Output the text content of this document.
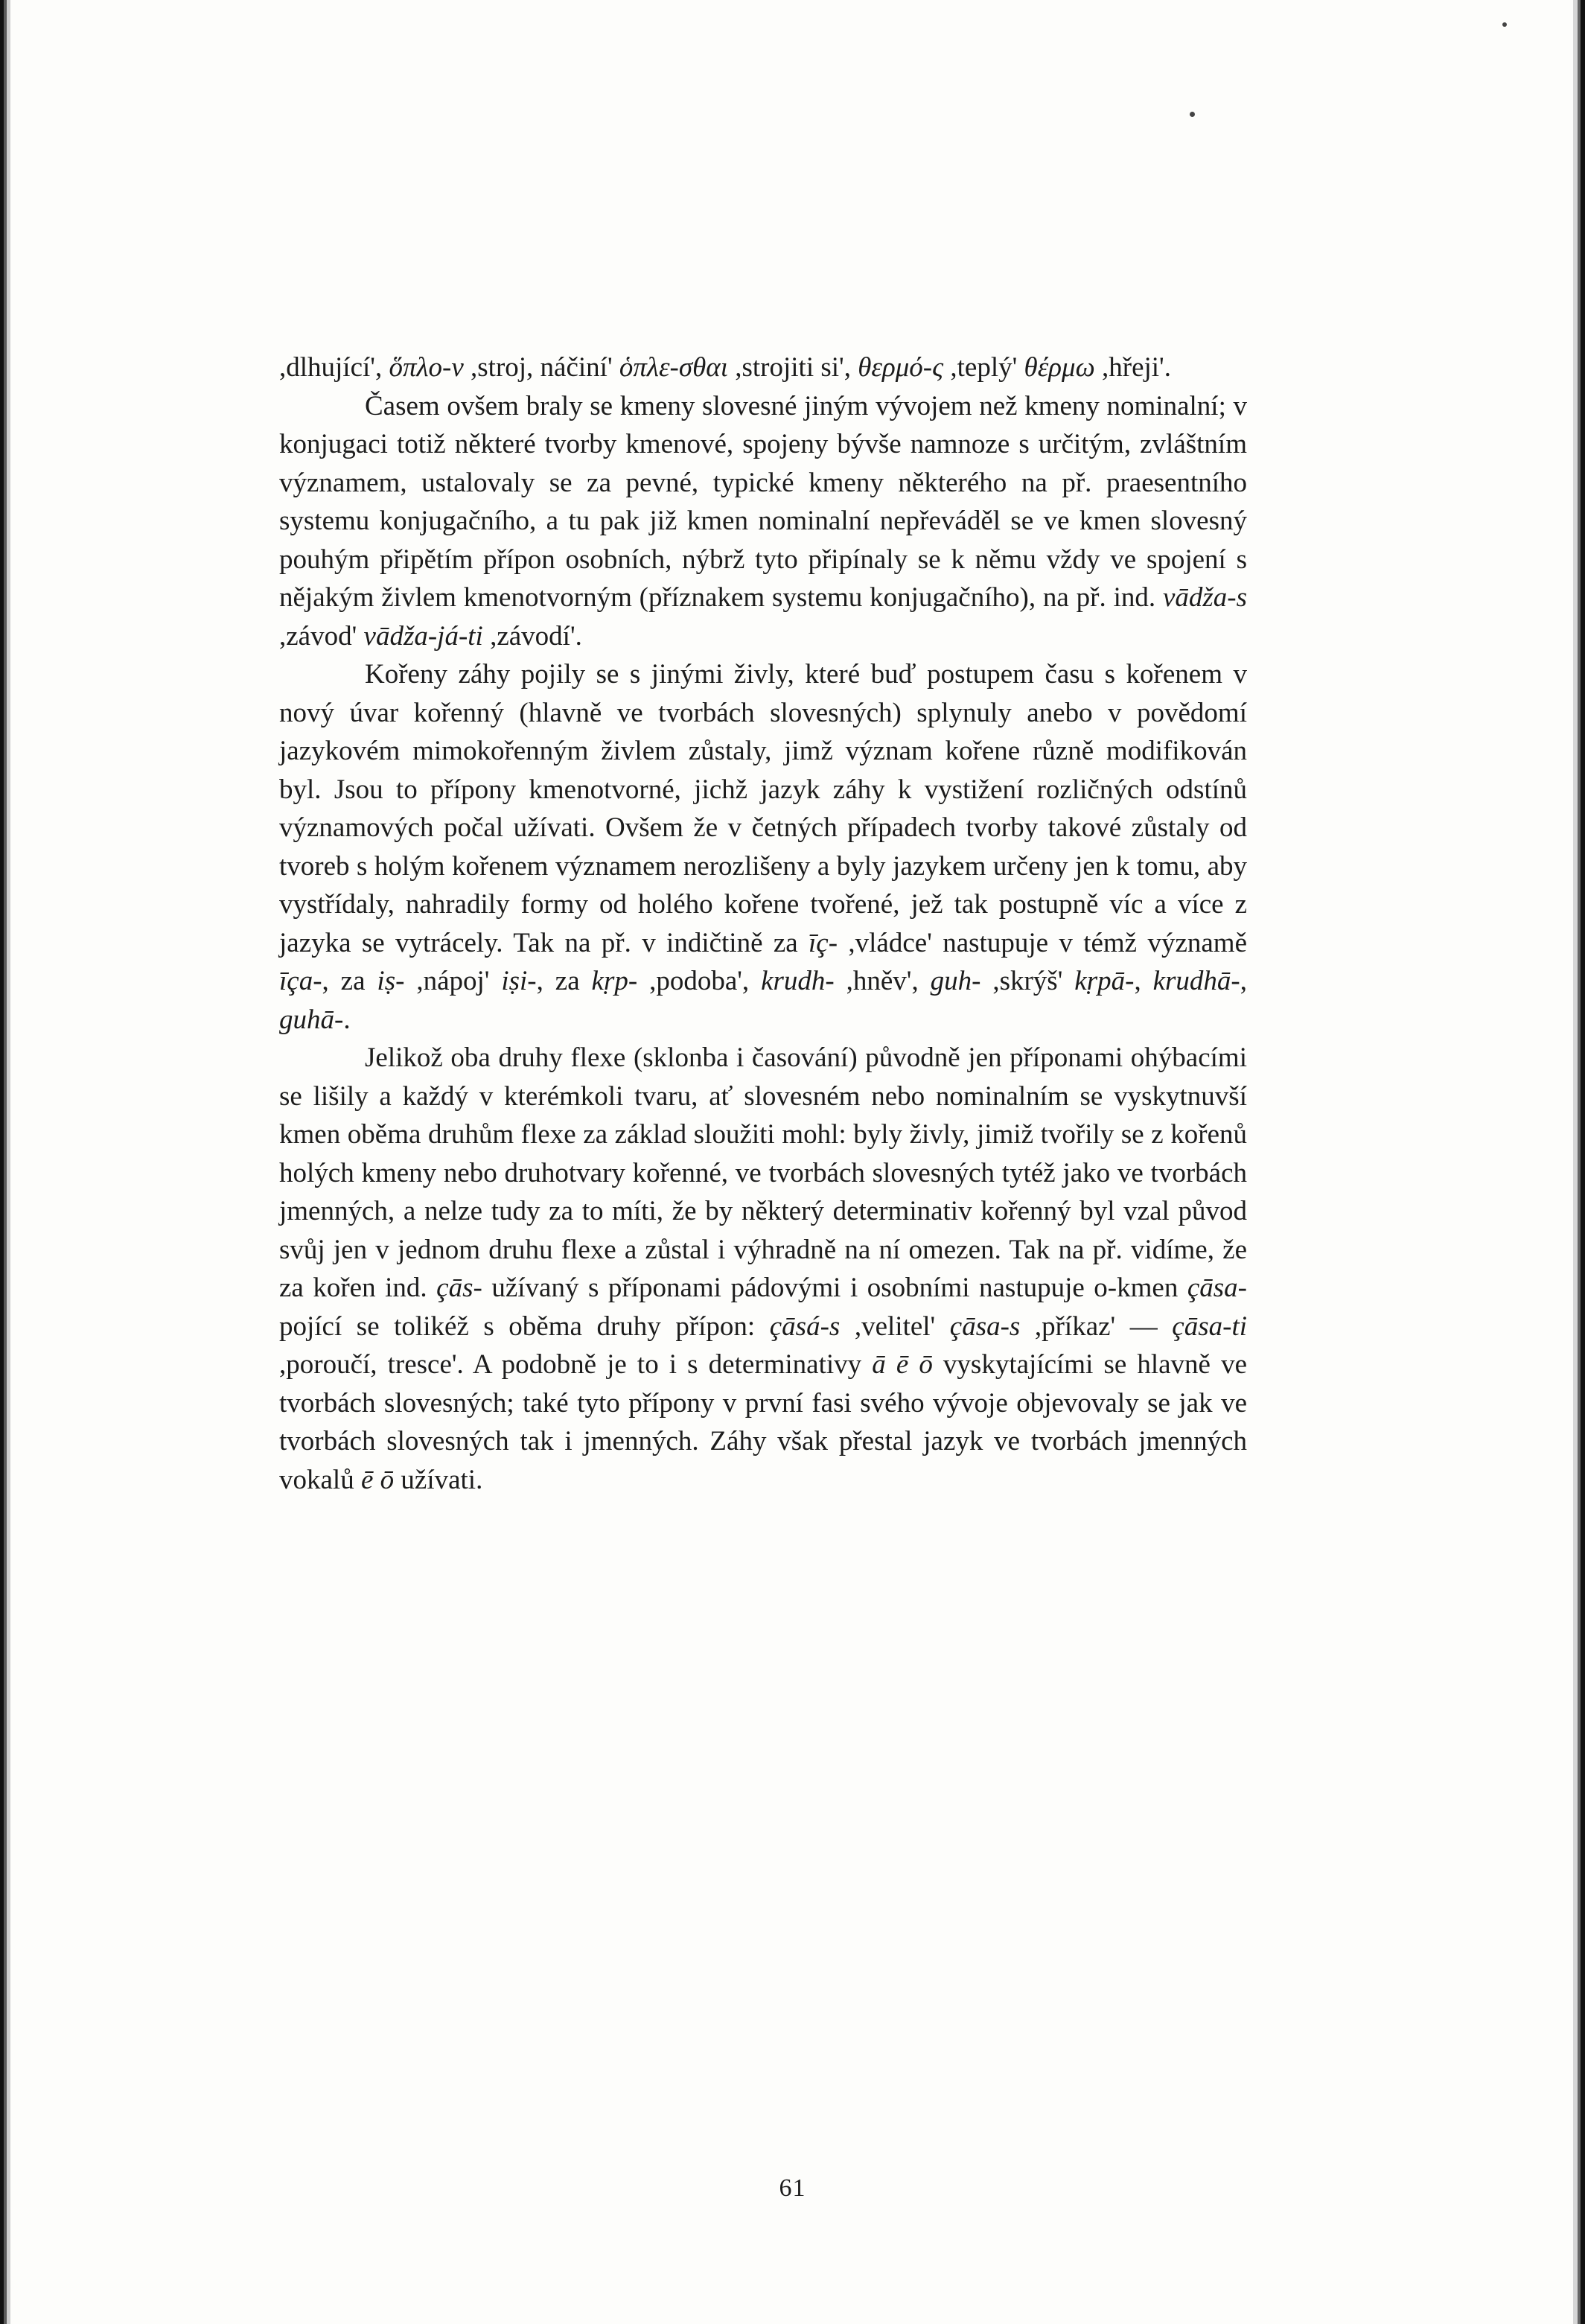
,dlhující', ὅπλο-ν ,stroj, náčiní' ὁπλε-σθαι ,strojiti si', θερμό-ς ,teplý' θέρμω ,hřeji'.

Časem ovšem braly se kmeny slovesné jiným vývojem než kmeny nominalní; v konjugaci totiž některé tvorby kmenové, spojeny bývše namnoze s určitým, zvláštním významem, ustalovaly se za pevné, typické kmeny některého na př. praesentního systemu konjugačního, a tu pak již kmen nominalní nepřeváděl se ve kmen slovesný pouhým připětím přípon osobních, nýbrž tyto připínaly se k němu vždy ve spojení s nějakým živlem kmenotvorným (příznakem systemu konjugačního), na př. ind. vādža-s ,závod' vādža-já-ti ,závodí'.

Kořeny záhy pojily se s jinými živly, které buď postupem času s kořenem v nový úvar kořenný (hlavně ve tvorbách slovesných) splynuly anebo v povědomí jazykovém mimokořenným živlem zůstaly, jimž význam kořene různě modifikován byl. Jsou to přípony kmenotvorné, jichž jazyk záhy k vystižení rozličných odstínů významových počal užívati. Ovšem že v četných případech tvorby takové zůstaly od tvoreb s holým kořenem významem nerozlišeny a byly jazykem určeny jen k tomu, aby vystřídaly, nahradily formy od holého kořene tvořené, jež tak postupně víc a více z jazyka se vytrácely. Tak na př. v indičtině za īç- ,vládce' nastupuje v témž významě īça-, za iṣ- ,nápoj' iṣi-, za kṛp- ,podoba', krudh- ,hněv', guh- ,skrýš' kṛpā-, krudhā-, guhā-.

Jelikož oba druhy flexe (sklonba i časování) původně jen příponami ohýbacími se lišily a každý v kterémkoli tvaru, ať slovesném nebo nominalním se vyskytnuvší kmen oběma druhům flexe za základ sloužiti mohl: byly živly, jimiž tvořily se z kořenů holých kmeny nebo druhotvary kořenné, ve tvorbách slovesných tytéž jako ve tvorbách jmenných, a nelze tudy za to míti, že by některý determinativ kořenný byl vzal původ svůj jen v jednom druhu flexe a zůstal i výhradně na ní omezen. Tak na př. vidíme, že za kořen ind. çās- užívaný s příponami pádovými i osobními nastupuje o-kmen çāsa- pojící se tolikéž s oběma druhy přípon: çāsá-s ,velitel' çāsa-s ,příkaz' — çāsa-ti ,poroučí, tresce'. A podobně je to i s determinativy ā ē ō vyskytajícími se hlavně ve tvorbách slovesných; také tyto přípony v první fasi svého vývoje objevovaly se jak ve tvorbách slovesných tak i jmenných. Záhy však přestal jazyk ve tvorbách jmenných vokalů ē ō užívati.

61
